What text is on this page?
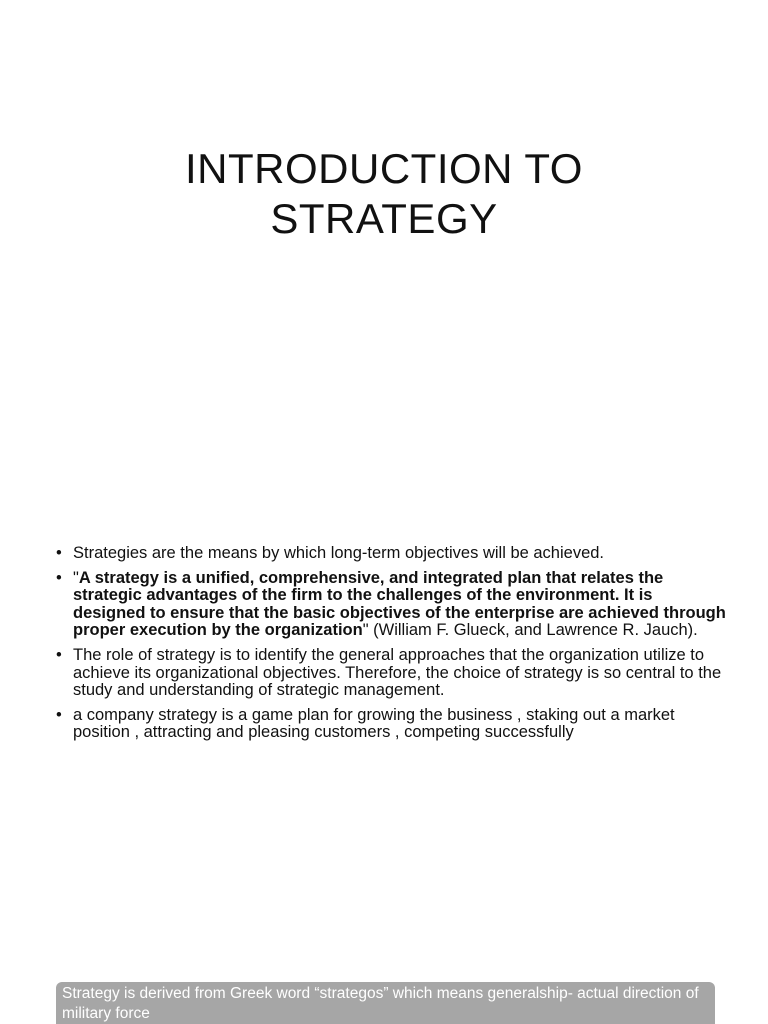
INTRODUCTION TO
STRATEGY
• Strategies are the means by which long-term objectives will be achieved.
• "A strategy is a unified, comprehensive, and integrated plan that relates the strategic advantages of the firm to the challenges of the environment. It is designed to ensure that the basic objectives of the enterprise are achieved through proper execution by the organization" (William F. Glueck, and Lawrence R. Jauch).
• The role of strategy is to identify the general approaches that the organization utilize to achieve its organizational objectives. Therefore, the choice of strategy is so central to the study and understanding of strategic management.
• a company strategy is a game plan for growing the business , staking out a market position , attracting and pleasing customers , competing successfully
Strategy is derived from Greek word “strategos” which means generalship- actual direction of military force
